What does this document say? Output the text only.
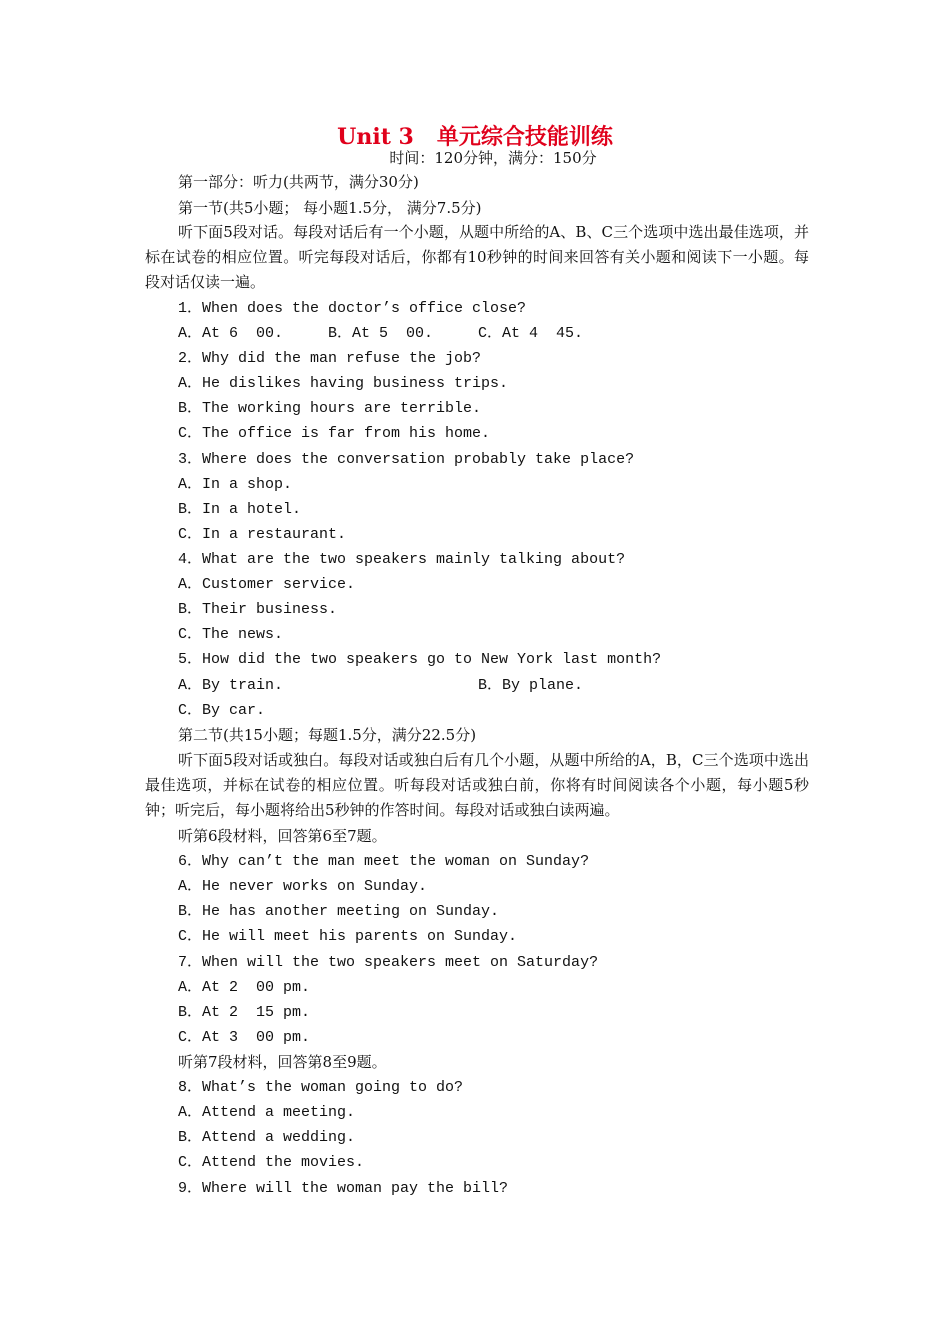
Unit 3   单元综合技能训练
时间：120分钟，满分：150分
第一部分：听力(共两节，满分30分)
第一节(共5小题； 每小题1.5分， 满分7.5分)
听下面5段对话。每段对话后有一个小题，从题中所给的A、B、C三个选项中选出最佳选项，并标在试卷的相应位置。听完每段对话后，你都有10秒钟的时间来回答有关小题和阅读下一小题。每段对话仅读一遍。
1．When does the doctor’s office close?
A．At 6  00.     B．At 5  00.     C．At 4  45.
2．Why did the man refuse the job?
A．He dislikes having business trips.
B．The working hours are terrible.
C．The office is far from his home.
3．Where does the conversation probably take place?
A．In a shop.
B．In a hotel.
C．In a restaurant.
4．What are the two speakers mainly talking about?
A．Customer service.
B．Their business.
C．The news.
5．How did the two speakers go to New York last month?
A．By train.	B．By plane.
C．By car.
第二节(共15小题；每题1.5分，满分22.5分)
听下面5段对话或独白。每段对话或独白后有几个小题，从题中所给的A，B，C三个选项中选出最佳选项，并标在试卷的相应位置。听每段对话或独白前，你将有时间阅读各个小题，每小题5秒钟；听完后，每小题将给出5秒钟的作答时间。每段对话或独白读两遍。
听第6段材料，回答第6至7题。
6．Why can’t the man meet the woman on Sunday?
A．He never works on Sunday.
B．He has another meeting on Sunday.
C．He will meet his parents on Sunday.
7．When will the two speakers meet on Saturday?
A．At 2  00 pm.
B．At 2  15 pm.
C．At 3  00 pm.
听第7段材料，回答第8至9题。
8．What’s the woman going to do?
A．Attend a meeting.
B．Attend a wedding.
C．Attend the movies.
9．Where will the woman pay the bill?
